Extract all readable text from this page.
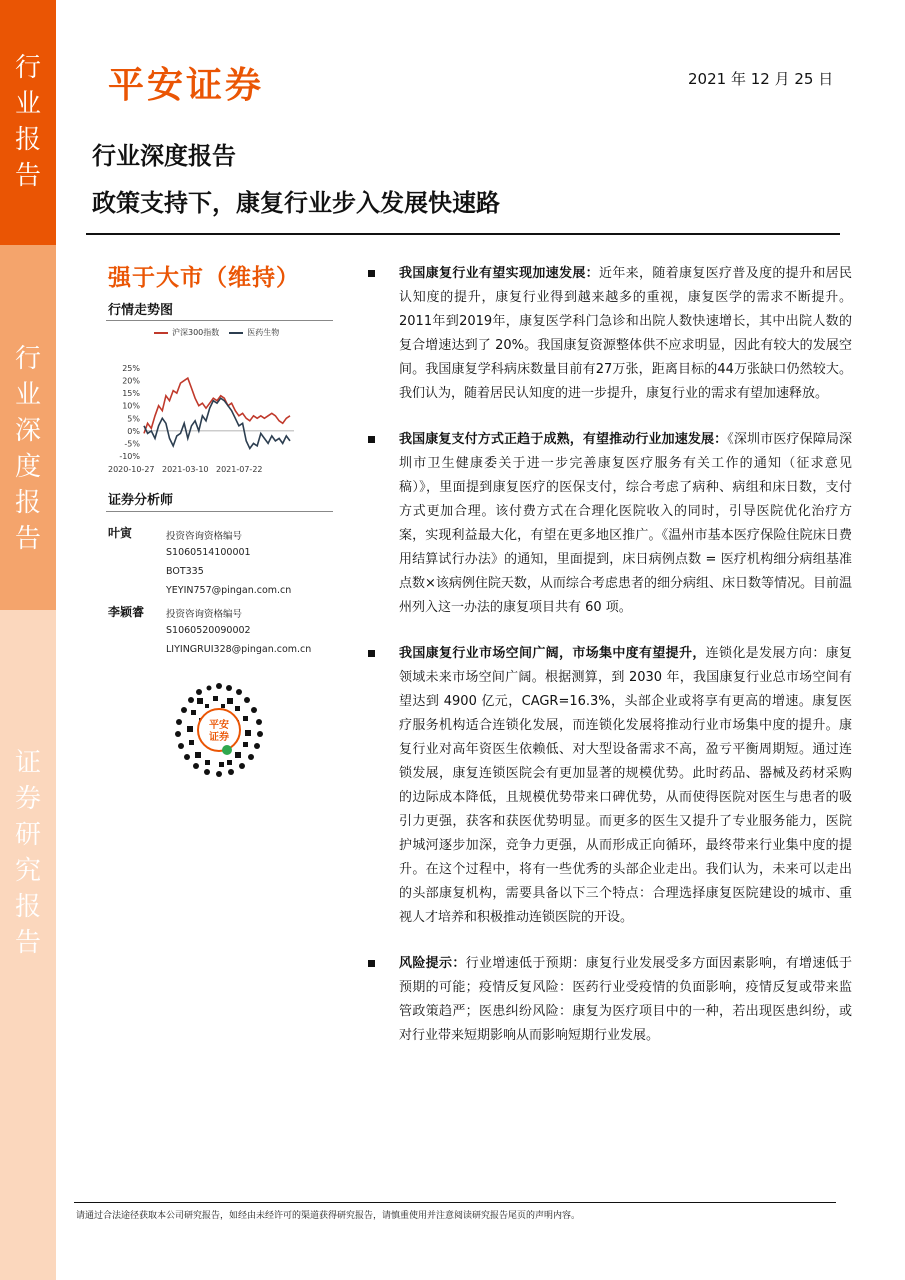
行
业
报
告
行
业
深
度
报
告
证
券
研
究
报
告
平安证券	2021 年 12 月 25 日
行业深度报告
政策支持下，康复行业步入发展快速路
强于大市（维持）
行情走势图
沪深300指数	医药生物
25%
20%
15%
10%
5%
0%
-5%
-10%
2020-10-27 2021-03-10 2021-07-22
证券分析师
叶寅	投资咨询资格编号
S1060514100001
BOT335
YEYIN757@pingan.com.cn
李颖睿 投资咨询资格编号
S1060520090002
LIYINGRUI328@pingan.com.cn
平安
证券
我国康复行业有望实现加速发展：近年来，随着康复医疗普及度的提升和居民认知度的提升，康复行业得到越来越多的重视，康复医学的需求不断提升。2011年到2019年，康复医学科门急诊和出院人数快速增长，其中出院人数的复合增速达到了 20%。我国康复资源整体供不应求明显，因此有较大的发展空间。我国康复学科病床数量目前有27万张，距离目标的44万张缺口仍然较大。我们认为，随着居民认知度的进一步提升，康复行业的需求有望加速释放。
我国康复支付方式正趋于成熟，有望推动行业加速发展：《深圳市医疗保障局深圳市卫生健康委关于进一步完善康复医疗服务有关工作的通知（征求意见稿）》，里面提到康复医疗的医保支付，综合考虑了病种、病组和床日数，支付方式更加合理。该付费方式在合理化医院收入的同时，引导医院优化治疗方案，实现利益最大化，有望在更多地区推广。《温州市基本医疗保险住院床日费用结算试行办法》的通知，里面提到，床日病例点数 = 医疗机构细分病组基准点数×该病例住院天数，从而综合考虑患者的细分病组、床日数等情况。目前温州列入这一办法的康复项目共有 60 项。
我国康复行业市场空间广阔，市场集中度有望提升，连锁化是发展方向：康复领域未来市场空间广阔。根据测算，到 2030 年，我国康复行业总市场空间有望达到 4900 亿元，CAGR=16.3%，头部企业或将享有更高的增速。康复医疗服务机构适合连锁化发展，而连锁化发展将推动行业市场集中度的提升。康复行业对高年资医生依赖低、对大型设备需求不高，盈亏平衡周期短。通过连锁发展，康复连锁医院会有更加显著的规模优势。此时药品、器械及药材采购的边际成本降低，且规模优势带来口碑优势，从而使得医院对医生与患者的吸引力更强，获客和获医优势明显。而更多的医生又提升了专业服务能力，医院护城河逐步加深，竞争力更强，从而形成正向循环，最终带来行业集中度的提升。在这个过程中，将有一些优秀的头部企业走出。我们认为，未来可以走出的头部康复机构，需要具备以下三个特点：合理选择康复医院建设的城市、重视人才培养和积极推动连锁医院的开设。
风险提示：行业增速低于预期：康复行业发展受多方面因素影响，有增速低于预期的可能；疫情反复风险：医药行业受疫情的负面影响，疫情反复或带来监管政策趋严；医患纠纷风险：康复为医疗项目中的一种，若出现医患纠纷，或对行业带来短期影响从而影响短期行业发展。
请通过合法途径获取本公司研究报告，如经由未经许可的渠道获得研究报告，请慎重使用并注意阅读研究报告尾页的声明内容。
